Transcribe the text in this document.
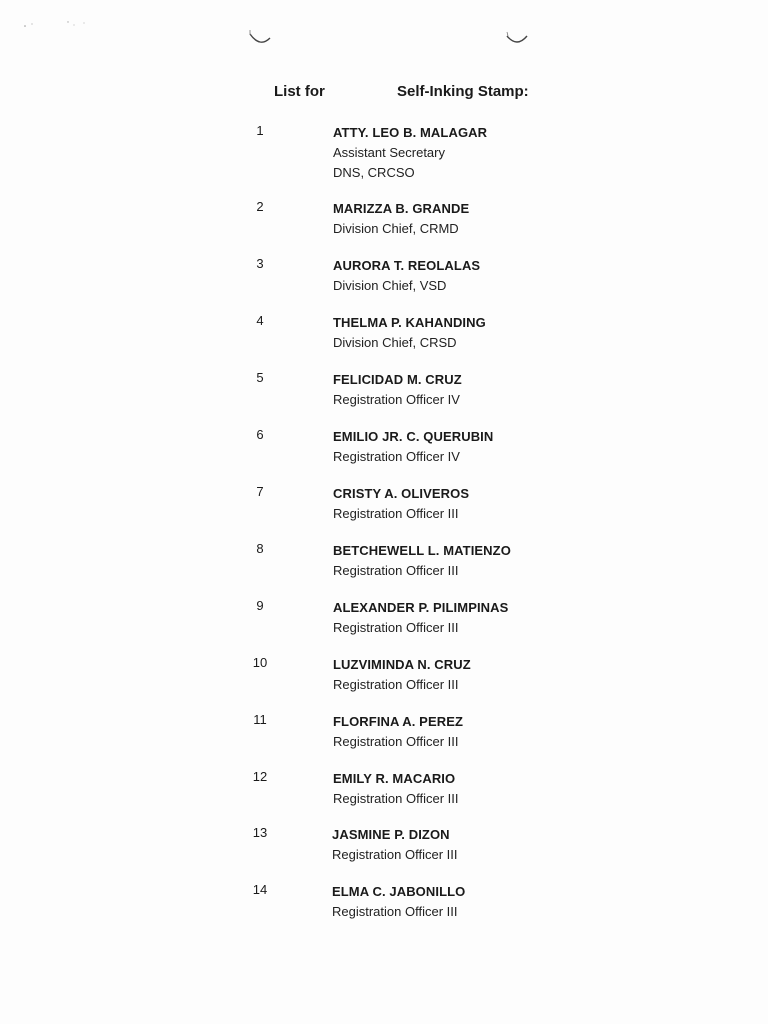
List for	Self-Inking Stamp:
1	ATTY. LEO B. MALAGAR
Assistant Secretary
DNS, CRCSO
2	MARIZZA B. GRANDE
Division Chief, CRMD
3	AURORA T. REOLALAS
Division Chief, VSD
4	THELMA P. KAHANDING
Division Chief, CRSD
5	FELICIDAD M. CRUZ
Registration Officer IV
6	EMILIO JR. C. QUERUBIN
Registration Officer IV
7	CRISTY A. OLIVEROS
Registration Officer III
8	BETCHEWELL L. MATIENZO
Registration Officer III
9	ALEXANDER P. PILIMPINAS
Registration Officer III
10	LUZVIMINDA N. CRUZ
Registration Officer III
11	FLORFINA A. PEREZ
Registration Officer III
12	EMILY R. MACARIO
Registration Officer III
13	JASMINE P. DIZON
Registration Officer III
14	ELMA C. JABONILLO
Registration Officer III
